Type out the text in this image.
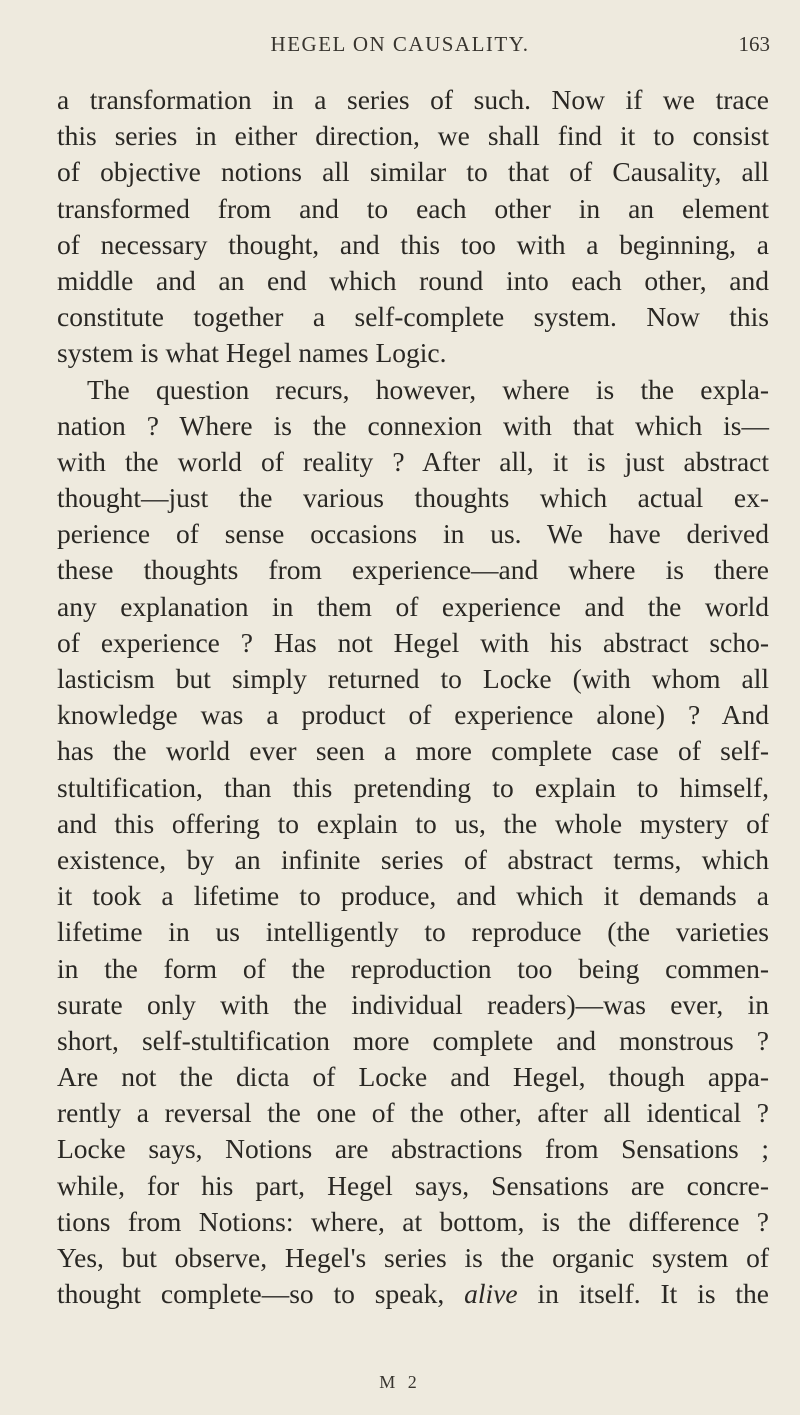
HEGEL ON CAUSALITY.	163
a transformation in a series of such. Now if we trace
this series in either direction, we shall find it to consist
of objective notions all similar to that of Causality, all
transformed from and to each other in an element
of necessary thought, and this too with a beginning, a
middle and an end which round into each other, and
constitute together a self-complete system. Now this
system is what Hegel names Logic.
The question recurs, however, where is the expla-
nation ? Where is the connexion with that which is—
with the world of reality ? After all, it is just abstract
thought—just the various thoughts which actual ex-
perience of sense occasions in us. We have derived
these thoughts from experience—and where is there
any explanation in them of experience and the world
of experience ? Has not Hegel with his abstract scho-
lasticism but simply returned to Locke (with whom all
knowledge was a product of experience alone) ? And
has the world ever seen a more complete case of self-
stultification, than this pretending to explain to himself,
and this offering to explain to us, the whole mystery of
existence, by an infinite series of abstract terms, which
it took a lifetime to produce, and which it demands a
lifetime in us intelligently to reproduce (the varieties
in the form of the reproduction too being commen-
surate only with the individual readers)—was ever, in
short, self-stultification more complete and monstrous ?
Are not the dicta of Locke and Hegel, though appa-
rently a reversal the one of the other, after all identical ?
Locke says, Notions are abstractions from Sensations ;
while, for his part, Hegel says, Sensations are concre-
tions from Notions: where, at bottom, is the difference ?
Yes, but observe, Hegel's series is the organic system of
thought complete—so to speak, alive in itself. It is the
M 2
